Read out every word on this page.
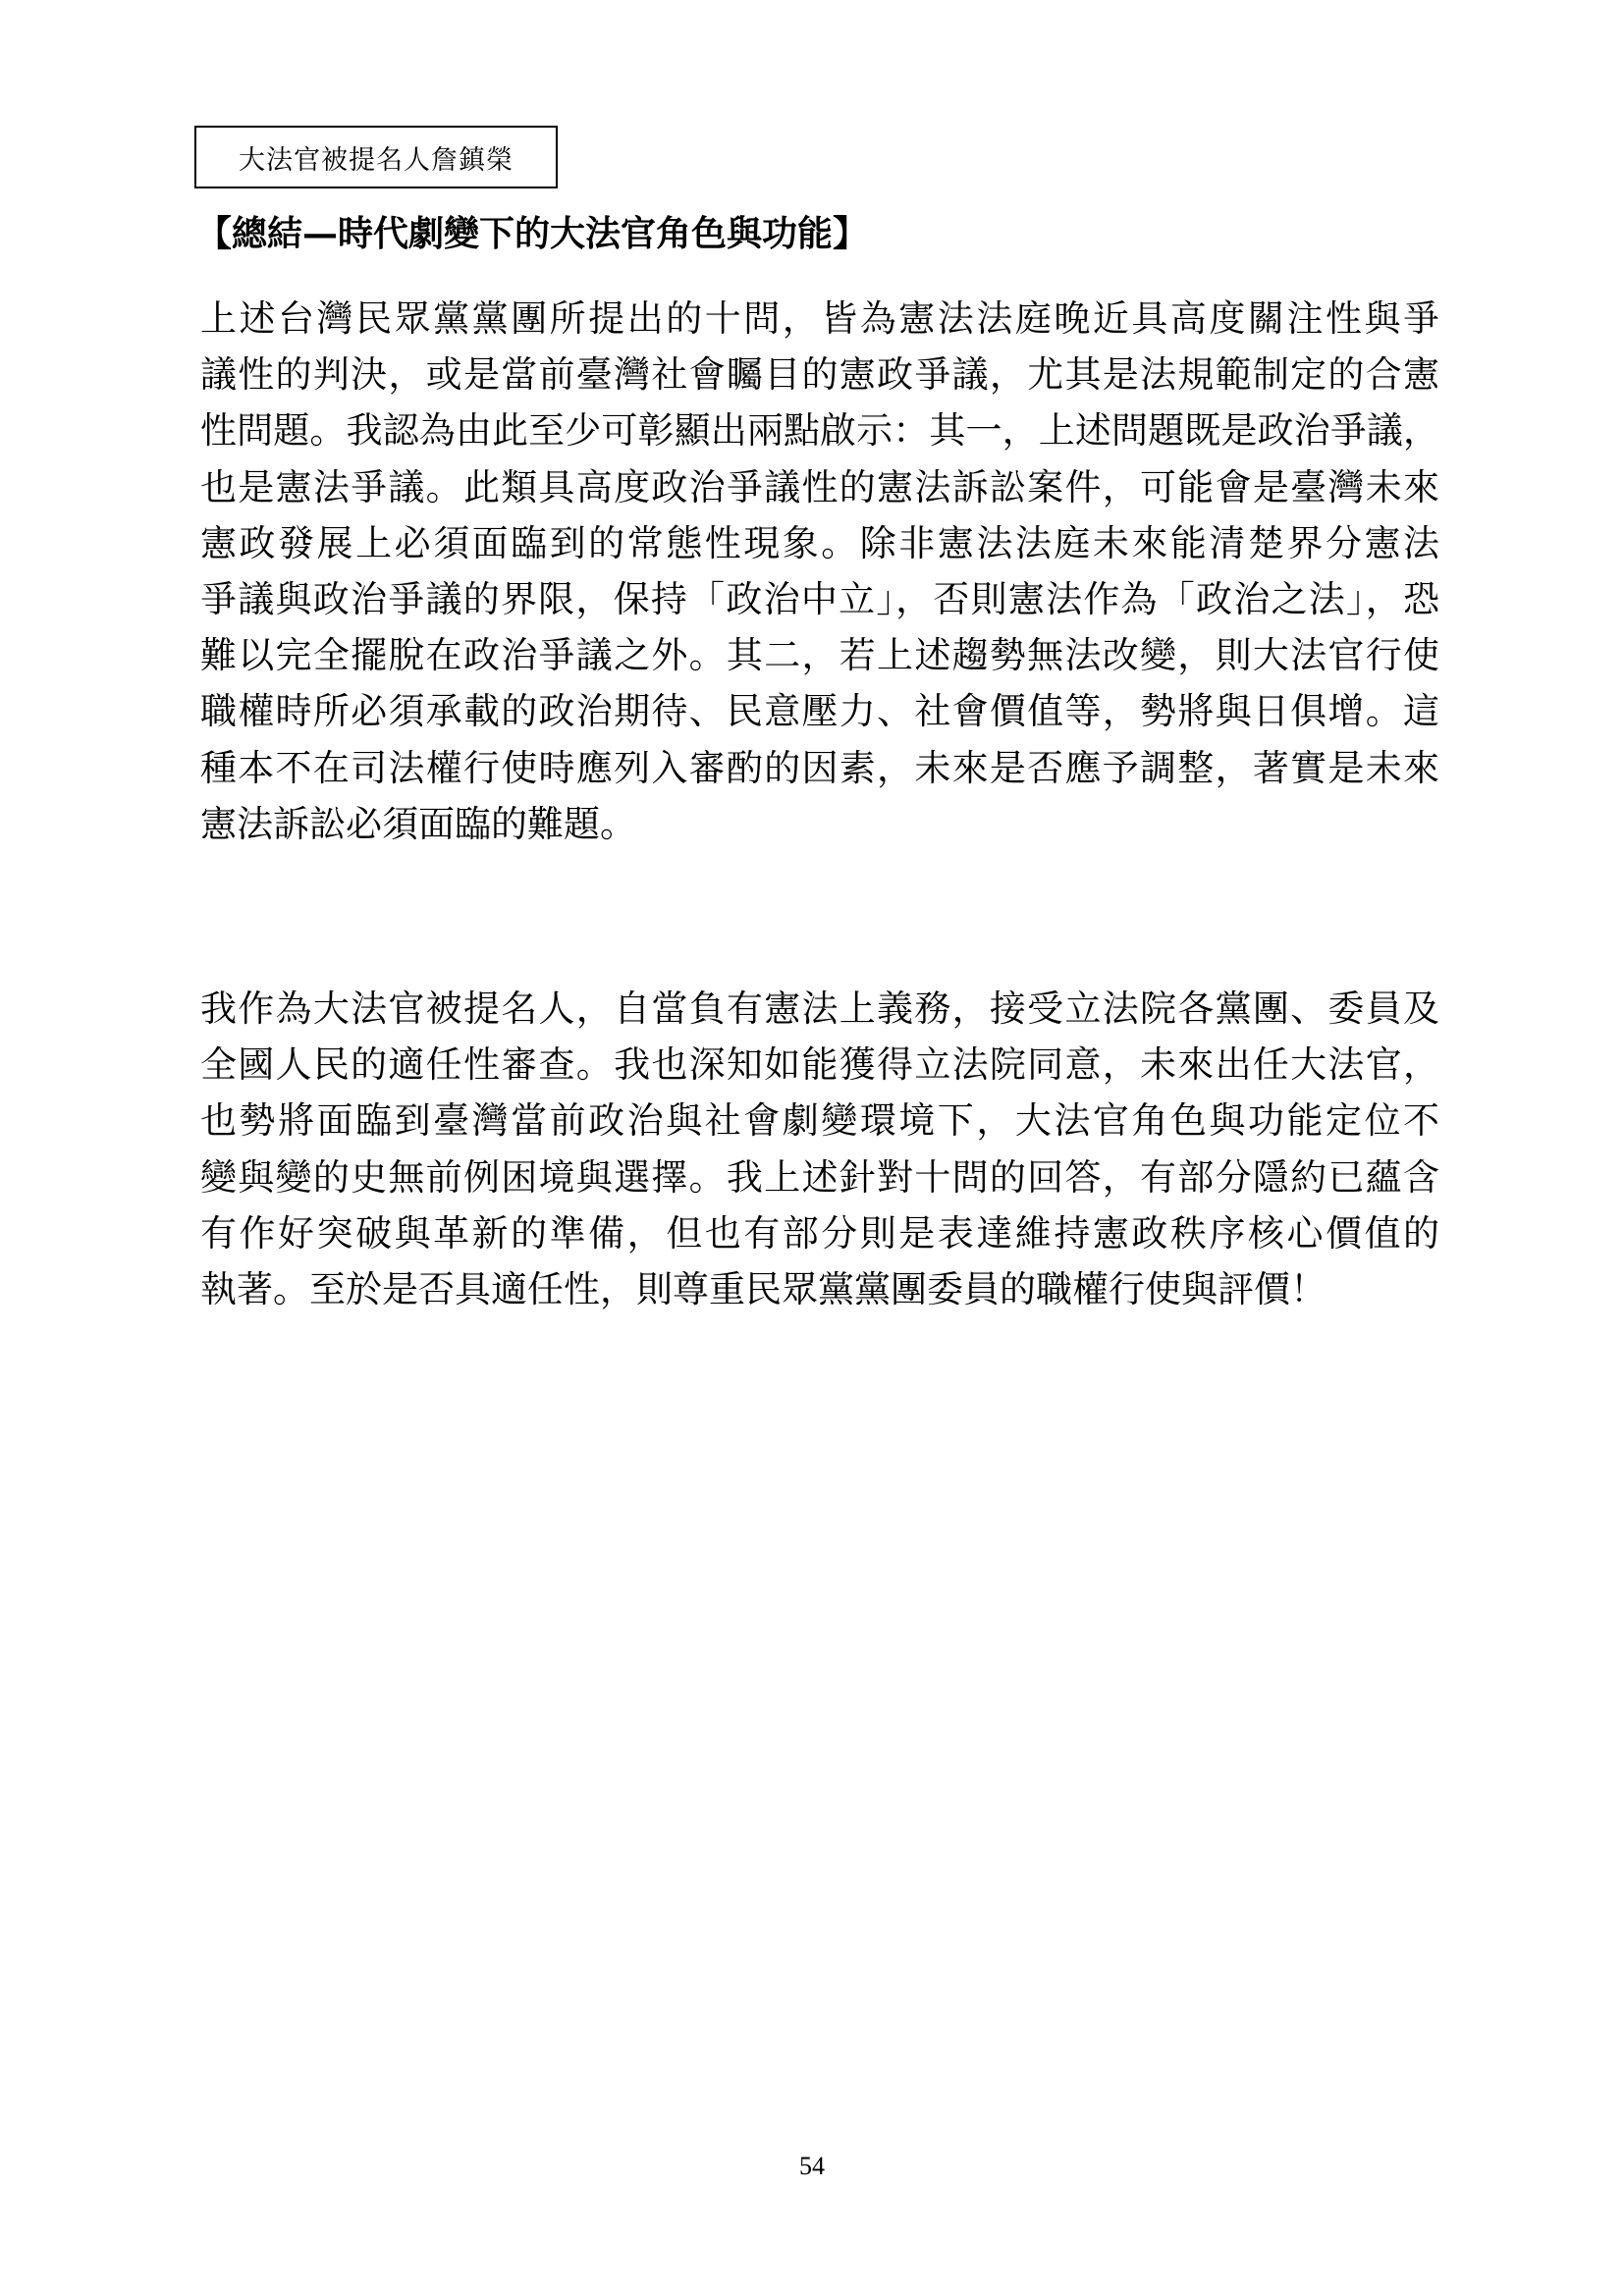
大法官被提名人詹鎮榮
【總結—時代劇變下的大法官角色與功能】
上述台灣民眾黨黨團所提出的十問，皆為憲法法庭晚近具高度關注性與爭
議性的判決，或是當前臺灣社會矚目的憲政爭議，尤其是法規範制定的合憲
性問題。我認為由此至少可彰顯出兩點啟示：其一，上述問題既是政治爭議，
也是憲法爭議。此類具高度政治爭議性的憲法訴訟案件，可能會是臺灣未來
憲政發展上必須面臨到的常態性現象。除非憲法法庭未來能清楚界分憲法
爭議與政治爭議的界限，保持「政治中立」，否則憲法作為「政治之法」，恐
難以完全擺脫在政治爭議之外。其二，若上述趨勢無法改變，則大法官行使
職權時所必須承載的政治期待、民意壓力、社會價值等，勢將與日俱增。這
種本不在司法權行使時應列入審酌的因素，未來是否應予調整，著實是未來
憲法訴訟必須面臨的難題。
我作為大法官被提名人，自當負有憲法上義務，接受立法院各黨團、委員及
全國人民的適任性審查。我也深知如能獲得立法院同意，未來出任大法官，
也勢將面臨到臺灣當前政治與社會劇變環境下，大法官角色與功能定位不
變與變的史無前例困境與選擇。我上述針對十問的回答，有部分隱約已蘊含
有作好突破與革新的準備，但也有部分則是表達維持憲政秩序核心價值的
執著。至於是否具適任性，則尊重民眾黨黨團委員的職權行使與評價！
54
